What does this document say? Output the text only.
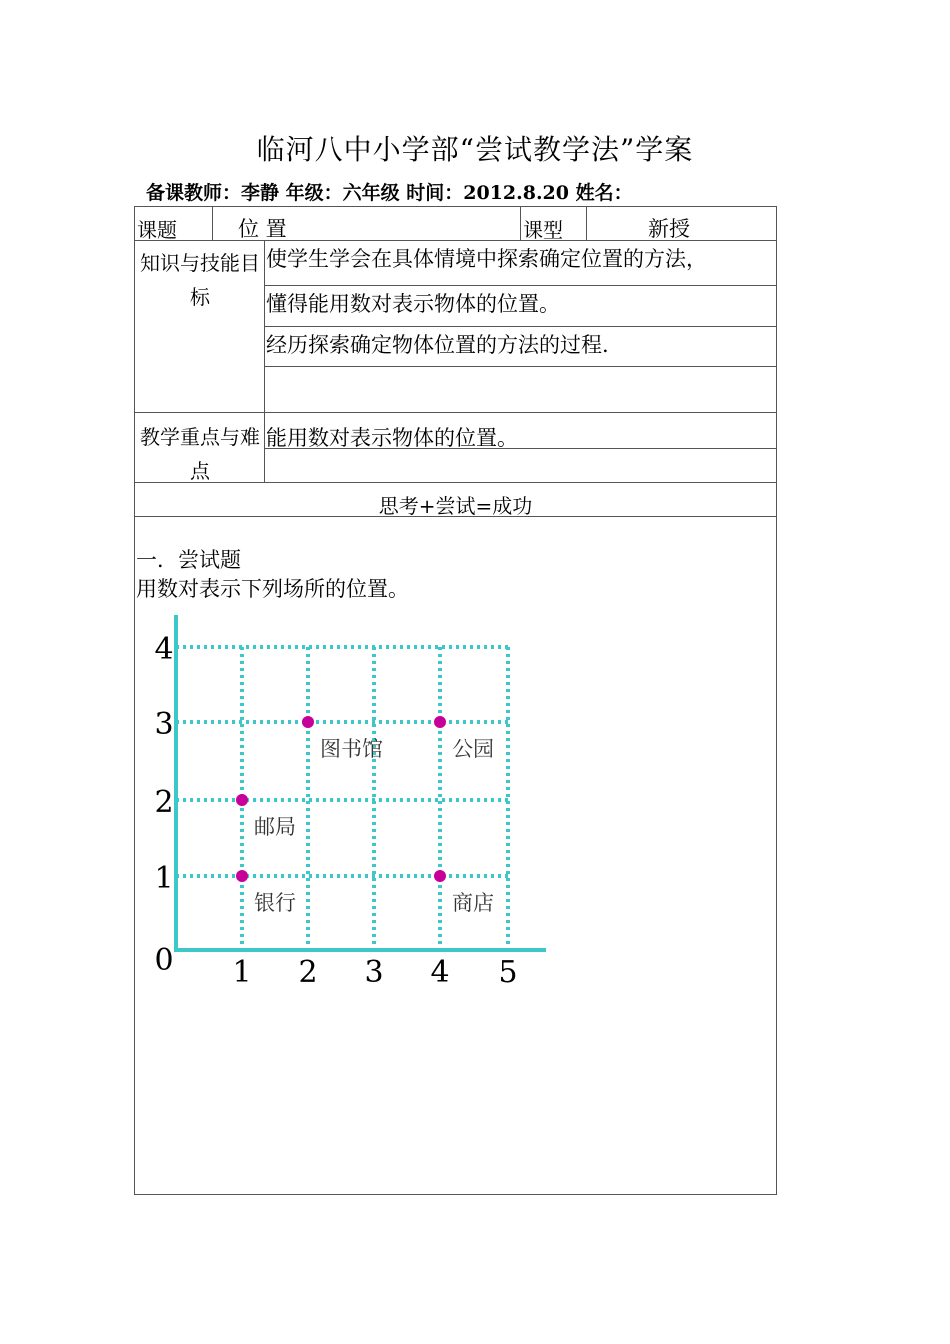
临河八中小学部“尝试教学法”学案
备课教师：李静 年级：六年级 时间：2012.8.20 姓名：
课题	位 置	课型	新授
知识与技能目标
使学生学会在具体情境中探索确定位置的方法，
懂得能用数对表示物体的位置。
经历探索确定物体位置的方法的过程.
教学重点与难点
能用数对表示物体的位置。
思考+尝试=成功
一．尝试题
用数对表示下列场所的位置。
1 2 3 4 5
0
1
2
3
4
图书馆	公园
邮局
银行	商店
